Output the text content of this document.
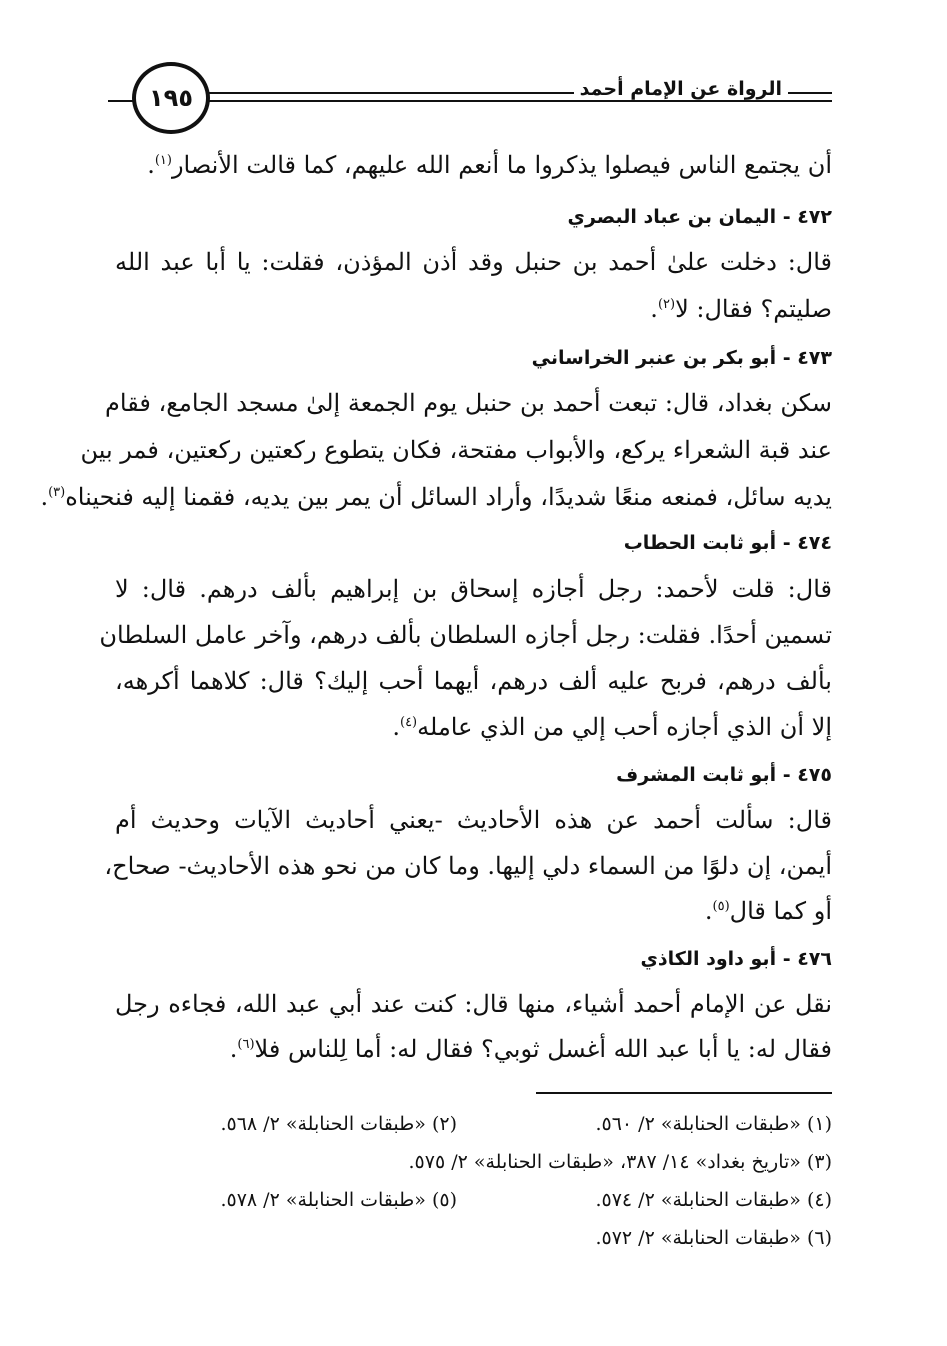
الرواة عن الإمام أحمد
١٩٥
أن يجتمع الناس فيصلوا يذكروا ما أنعم الله عليهم، كما قالت الأنصار$^{(١)}$.
٤٧٢ - اليمان بن عباد البصري
قال: دخلت علىٰ أحمد بن حنبل وقد أذن المؤذن، فقلت: يا أبا عبد الله
صليتم؟ فقال: لا$^{(٢)}$.
٤٧٣ - أبو بكر بن عنبر الخراساني
سكن بغداد، قال: تبعت أحمد بن حنبل يوم الجمعة إلىٰ مسجد الجامع، فقام
عند قبة الشعراء يركع، والأبواب مفتحة، فكان يتطوع ركعتين ركعتين، فمر بين
يديه سائل، فمنعه منعًا شديدًا، وأراد السائل أن يمر بين يديه، فقمنا إليه فنحيناه$^{(٣)}$.
٤٧٤ - أبو ثابت الحطاب
قال: قلت لأحمد: رجل أجازه إسحاق بن إبراهيم بألف درهم. قال: لا
تسمين أحدًا. فقلت: رجل أجازه السلطان بألف درهم، وآخر عامل السلطان
بألف درهم، فربح عليه ألف درهم، أيهما أحب إليك؟ قال: كلاهما أكرهه،
إلا أن الذي أجازه أحب إلي من الذي عامله$^{(٤)}$.
٤٧٥ - أبو ثابت المشرف
قال: سألت أحمد عن هذه الأحاديث -يعني أحاديث الآيات وحديث أم
أيمن، إن دلوًا من السماء دلي إليها. وما كان من نحو هذه الأحاديث- صحاح،
أو كما قال$^{(٥)}$.
٤٧٦ - أبو داود الكاذي
نقل عن الإمام أحمد أشياء، منها قال: كنت عند أبي عبد الله، فجاءه رجل
فقال له: يا أبا عبد الله أغسل ثوبي؟ فقال له: أما لِلناس فلا$^{(٦)}$.
(١) «طبقات الحنابلة» ٢/ ٥٦٠.
(٢) «طبقات الحنابلة» ٢/ ٥٦٨.
(٣) «تاريخ بغداد» ١٤/ ٣٨٧، «طبقات الحنابلة» ٢/ ٥٧٥.
(٤) «طبقات الحنابلة» ٢/ ٥٧٤.
(٥) «طبقات الحنابلة» ٢/ ٥٧٨.
(٦) «طبقات الحنابلة» ٢/ ٥٧٢.
